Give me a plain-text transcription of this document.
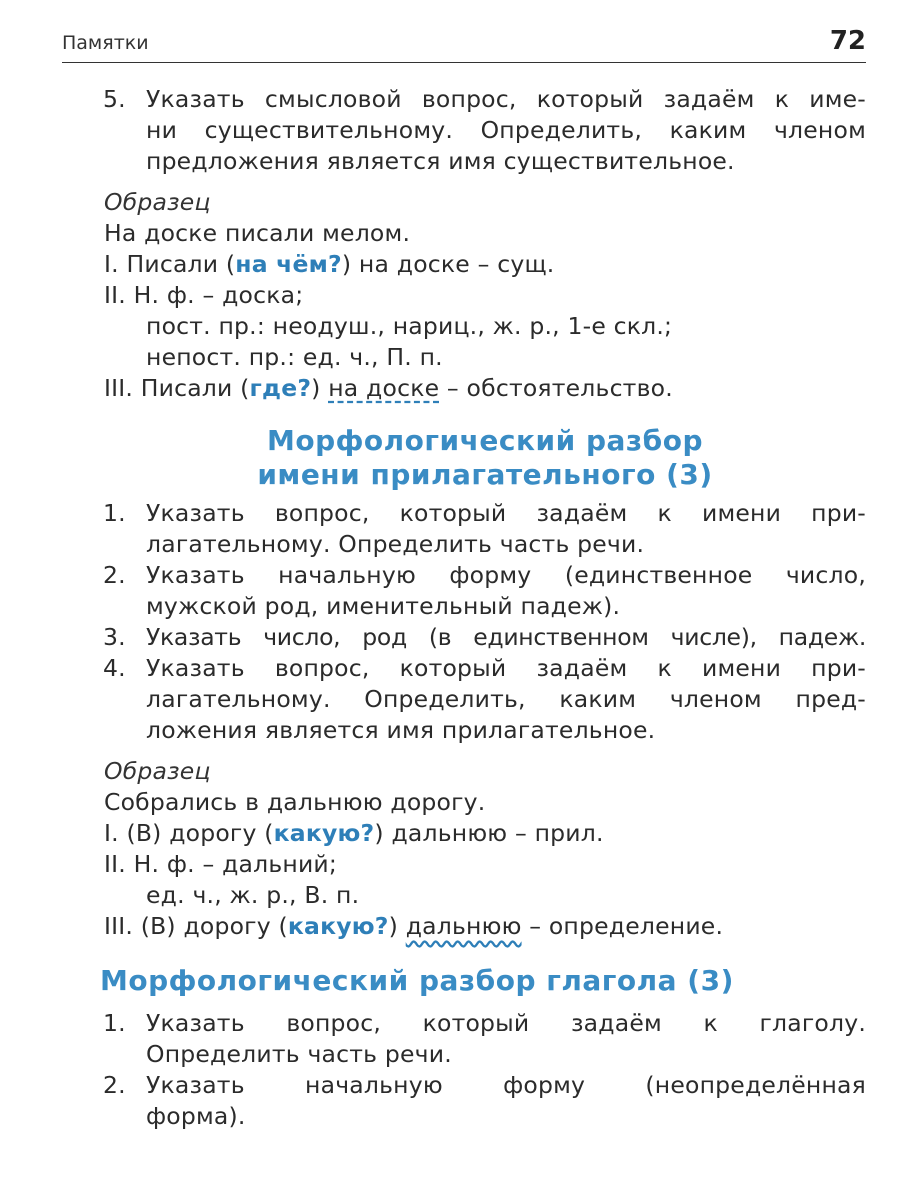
Памятки	72
5. Указать смысловой вопрос, который задаём к име-
ни существительному. Определить, каким членом
предложения является имя существительное.
Образец
На доске писали мелом.
I. Писали (на чём?) на доске – сущ.
II. Н. ф. – доска;
пост. пр.: неодуш., нариц., ж. р., 1-е скл.;
непост. пр.: ед. ч., П. п.
III. Писали (где?) на доске – обстоятельство.
Морфологический разбор
имени прилагательного (3)
1. Указать вопрос, который задаём к имени при-
лагательному. Определить часть речи.
2. Указать начальную форму (единственное число,
мужской род, именительный падеж).
3. Указать число, род (в единственном числе), падеж.
4. Указать вопрос, который задаём к имени при-
лагательному. Определить, каким членом пред-
ложения является имя прилагательное.
Образец
Собрались в дальнюю дорогу.
I. (В) дорогу (какую?) дальнюю – прил.
II. Н. ф. – дальний;
ед. ч., ж. р., В. п.
III. (В) дорогу (какую?) дальнюю – определение.
Морфологический разбор глагола (3)
1. Указать вопрос, который задаём к глаголу.
Определить часть речи.
2. Указать начальную форму (неопределённая
форма).
